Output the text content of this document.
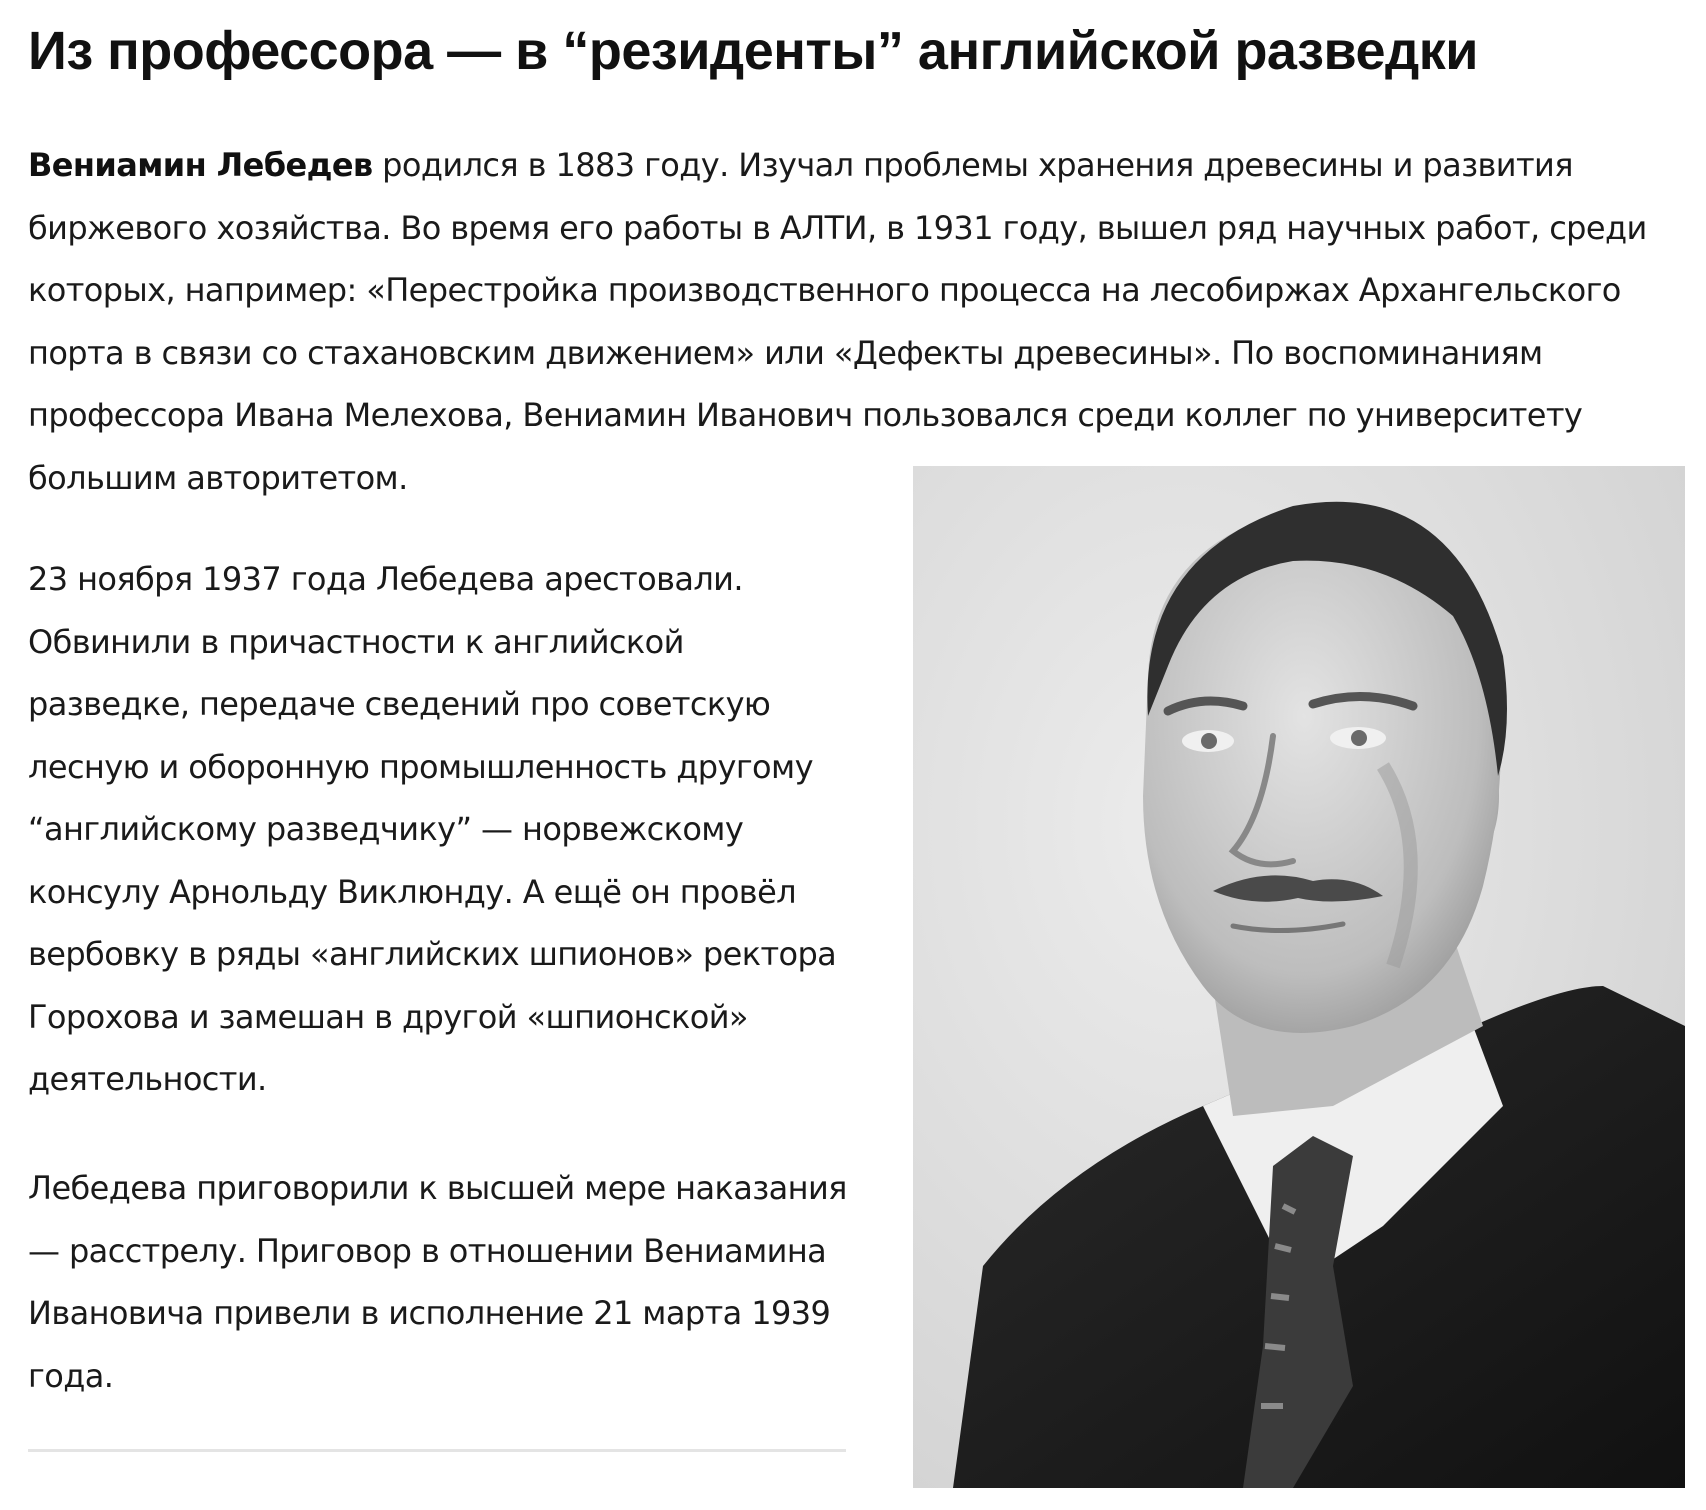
Из профессора — в “резиденты” английской разведки

Вениамин Лебедев родился в 1883 году. Изучал проблемы хранения древесины и развития биржевого хозяйства. Во время его работы в АЛТИ, в 1931 году, вышел ряд научных работ, среди которых, например: «Перестройка производственного процесса на лесобиржах Архангельского порта в связи со стахановским движением» или «Дефекты древесины». По воспоминаниям профессора Ивана Мелехова, Вениамин Иванович пользовался среди коллег по университету большим авторитетом.

23 ноября 1937 года Лебедева арестовали. Обвинили в причастности к английской разведке, передаче сведений про советскую лесную и оборонную промышленность другому “английскому разведчику” — норвежскому консулу Арнольду Виклюнду. А ещё он провёл вербовку в ряды «английских шпионов» ректора Горохова и замешан в другой «шпионской» деятельности.

Лебедева приговорили к высшей мере наказания — расстрелу. Приговор в отношении Вениамина Ивановича привели в исполнение 21 марта 1939 года.
